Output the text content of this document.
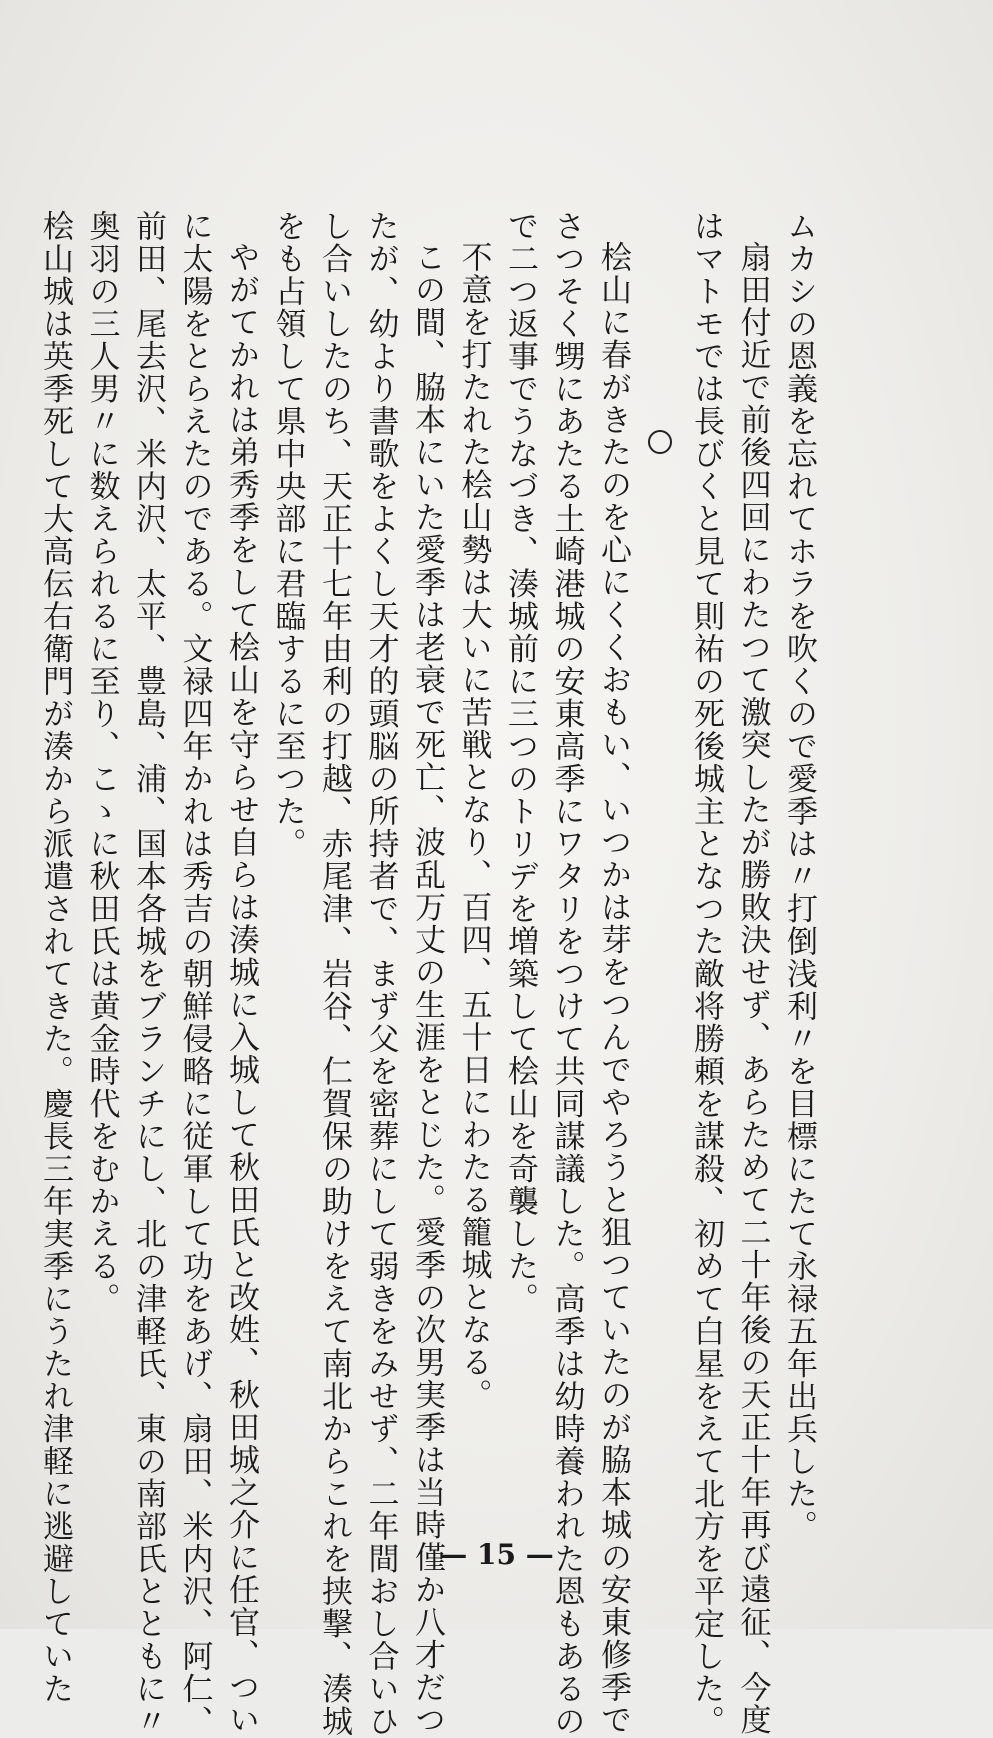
ムカシの恩義を忘れてホラを吹くので愛季は〃打倒浅利〃を目標にたて永禄五年出兵した。
扇田付近で前後四回にわたつて激突したが勝敗決せず、あらためて二十年後の天正十年再び遠征、今度
はマトモでは長びくと見て則祐の死後城主となつた敵将勝頼を謀殺、初めて白星をえて北方を平定した。
桧山に春がきたのを心にくくおもい、いつかは芽をつんでやろうと狙つていたのが脇本城の安東修季で
さつそく甥にあたる土崎港城の安東高季にワタリをつけて共同謀議した。高季は幼時養われた恩もあるの
で二つ返事でうなづき、湊城前に三つのトリデを増築して桧山を奇襲した。
不意を打たれた桧山勢は大いに苦戦となり、百四、五十日にわたる籠城となる。
この間、脇本にいた愛季は老衰で死亡、波乱万丈の生涯をとじた。愛季の次男実季は当時僅か八才だつ
たが、幼より書歌をよくし天才的頭脳の所持者で、まず父を密葬にして弱きをみせず、二年間おし合いひ
し合いしたのち、天正十七年由利の打越、赤尾津、岩谷、仁賀保の助けをえて南北からこれを挟撃、湊城
をも占領して県中央部に君臨するに至つた。
やがてかれは弟秀季をして桧山を守らせ自らは湊城に入城して秋田氏と改姓、秋田城之介に任官、つい
に太陽をとらえたのである。文禄四年かれは秀吉の朝鮮侵略に従軍して功をあげ、扇田、米内沢、阿仁、
前田、尾去沢、米内沢、太平、豊島、浦、国本各城をブランチにし、北の津軽氏、東の南部氏とともに〃
奥羽の三人男〃に数えられるに至り、こゝに秋田氏は黄金時代をむかえる。
桧山城は英季死して大高伝右衛門が湊から派遣されてきた。慶長三年実季にうたれ津軽に逃避していた	— 15 —
